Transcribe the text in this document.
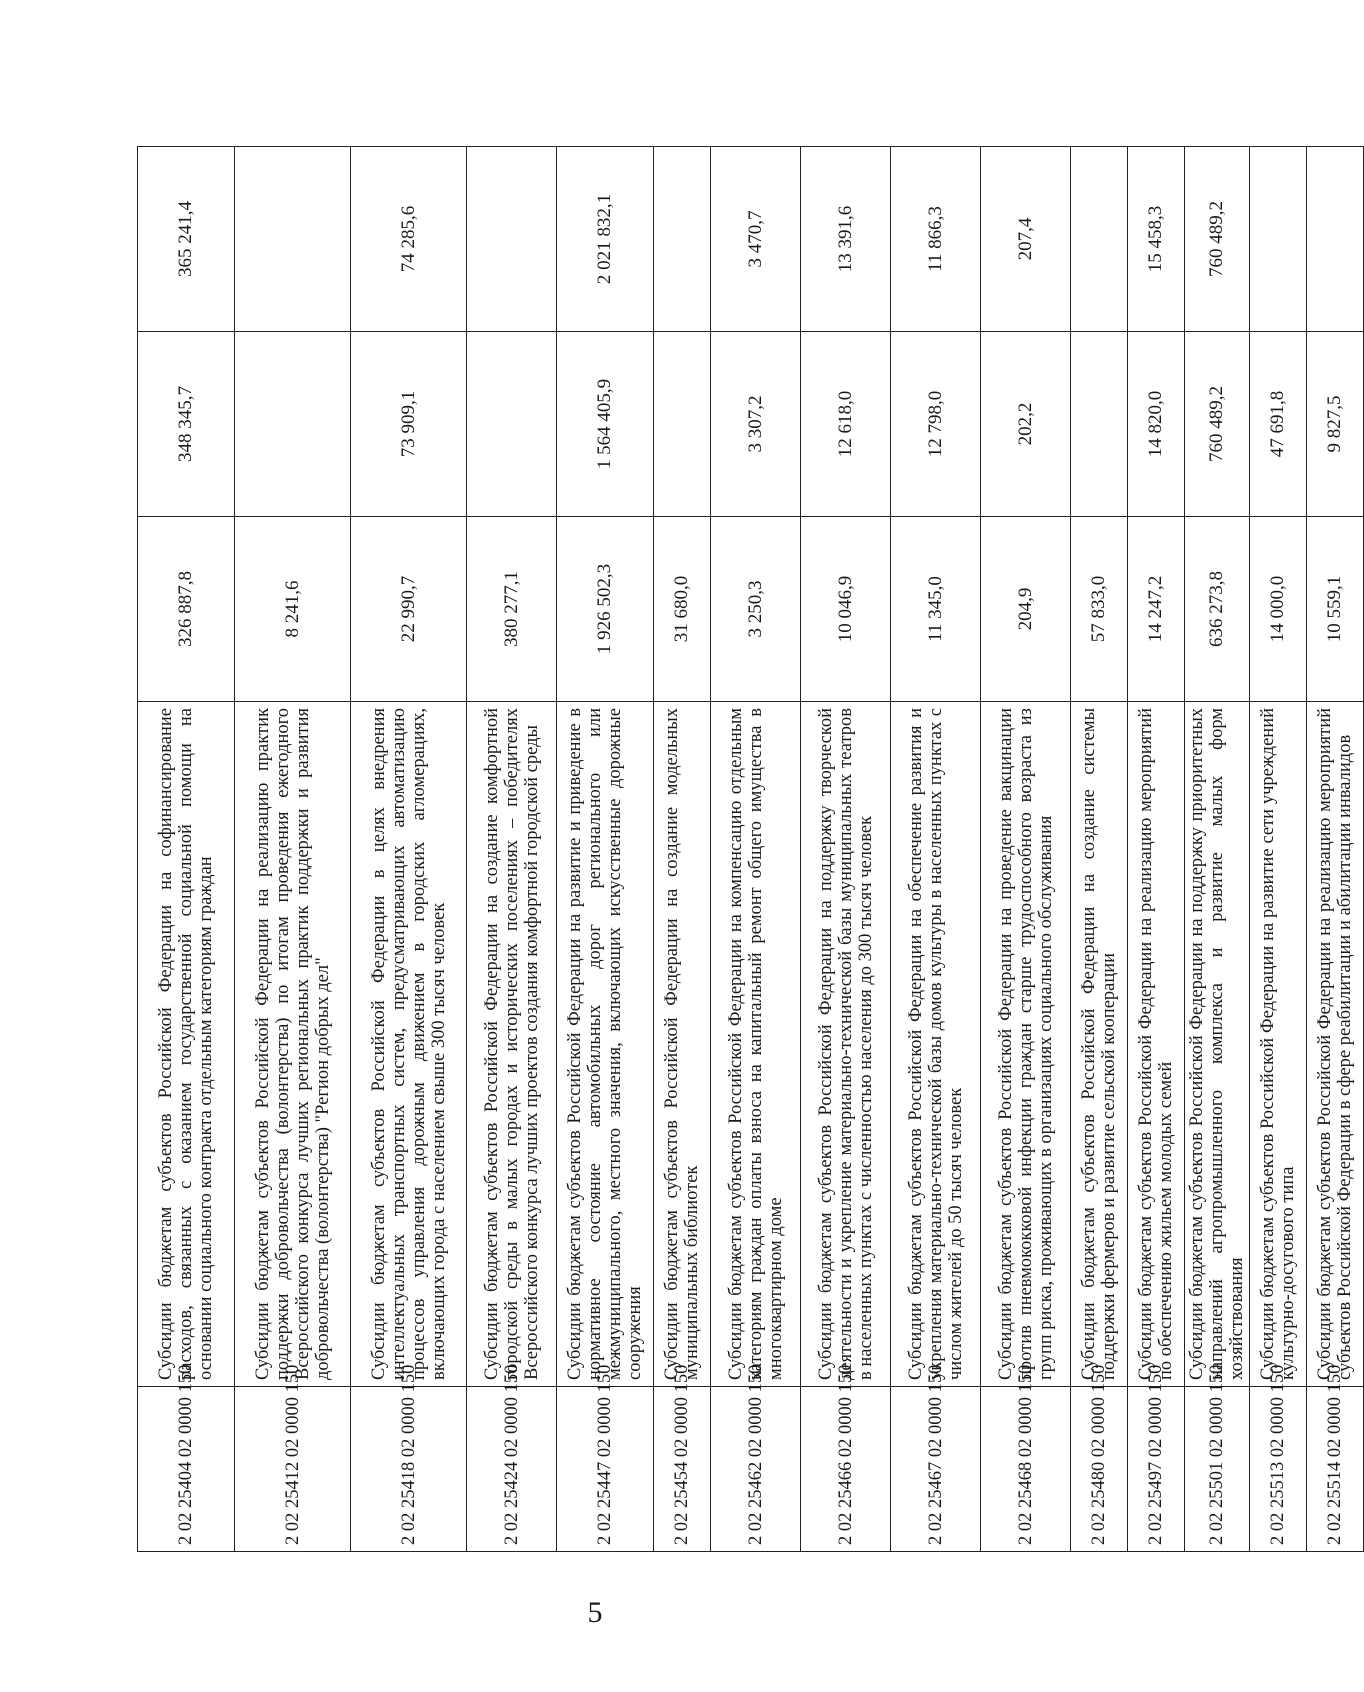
5
2 02 25404 02 0000 150	Субсидии бюджетам субъектов Российской Федерации на софинансирование расходов, связанных с оказанием государственной социальной помощи на основании социального контракта отдельным категориям граждан	326 887,8	348 345,7	365 241,4
2 02 25412 02 0000 150	Субсидии бюджетам субъектов Российской Федерации на реализацию практик поддержки добровольчества (волонтерства) по итогам проведения ежегодного Всероссийского конкурса лучших региональных практик поддержки и развития добровольчества (волонтерства) "Регион добрых дел"	8 241,6		
2 02 25418 02 0000 150	Субсидии бюджетам субъектов Российской Федерации в целях внедрения интеллектуальных транспортных систем, предусматривающих автоматизацию процессов управления дорожным движением в городских агломерациях, включающих города с населением свыше 300 тысяч человек	22 990,7	73 909,1	74 285,6
2 02 25424 02 0000 150	Субсидии бюджетам субъектов Российской Федерации на создание комфортной городской среды в малых городах и исторических поселениях – победителях Всероссийского конкурса лучших проектов создания комфортной городской среды	380 277,1		
2 02 25447 02 0000 150	Субсидии бюджетам субъектов Российской Федерации на развитие и приведение в нормативное состояние автомобильных дорог регионального или межмуниципального, местного значения, включающих искусственные дорожные сооружения	1 926 502,3	1 564 405,9	2 021 832,1
2 02 25454 02 0000 150	Субсидии бюджетам субъектов Российской Федерации на создание модельных муниципальных библиотек	31 680,0		
2 02 25462 02 0000 150	Субсидии бюджетам субъектов Российской Федерации на компенсацию отдельным категориям граждан оплаты взноса на капитальный ремонт общего имущества в многоквартирном доме	3 250,3	3 307,2	3 470,7
2 02 25466 02 0000 150	Субсидии бюджетам субъектов Российской Федерации на поддержку творческой деятельности и укрепление материально-технической базы муниципальных театров в населенных пунктах с численностью населения до 300 тысяч человек	10 046,9	12 618,0	13 391,6
2 02 25467 02 0000 150	Субсидии бюджетам субъектов Российской Федерации на обеспечение развития и укрепления материально-технической базы домов культуры в населенных пунктах с числом жителей до 50 тысяч человек	11 345,0	12 798,0	11 866,3
2 02 25468 02 0000 150	Субсидии бюджетам субъектов Российской Федерации на проведение вакцинации против пневмококковой инфекции граждан старше трудоспособного возраста из групп риска, проживающих в организациях социального обслуживания	204,9	202,2	207,4
2 02 25480 02 0000 150	Субсидии бюджетам субъектов Российской Федерации на создание системы поддержки фермеров и развитие сельской кооперации	57 833,0		
2 02 25497 02 0000 150	Субсидии бюджетам субъектов Российской Федерации на реализацию мероприятий по обеспечению жильем молодых семей	14 247,2	14 820,0	15 458,3
2 02 25501 02 0000 150	Субсидии бюджетам субъектов Российской Федерации на поддержку приоритетных направлений агропромышленного комплекса и развитие малых форм хозяйствования	636 273,8	760 489,2	760 489,2
2 02 25513 02 0000 150	Субсидии бюджетам субъектов Российской Федерации на развитие сети учреждений культурно-досугового типа	14 000,0	47 691,8	
2 02 25514 02 0000 150	Субсидии бюджетам субъектов Российской Федерации на реализацию мероприятий субъектов Российской Федерации в сфере реабилитации и абилитации инвалидов	10 559,1	9 827,5	
